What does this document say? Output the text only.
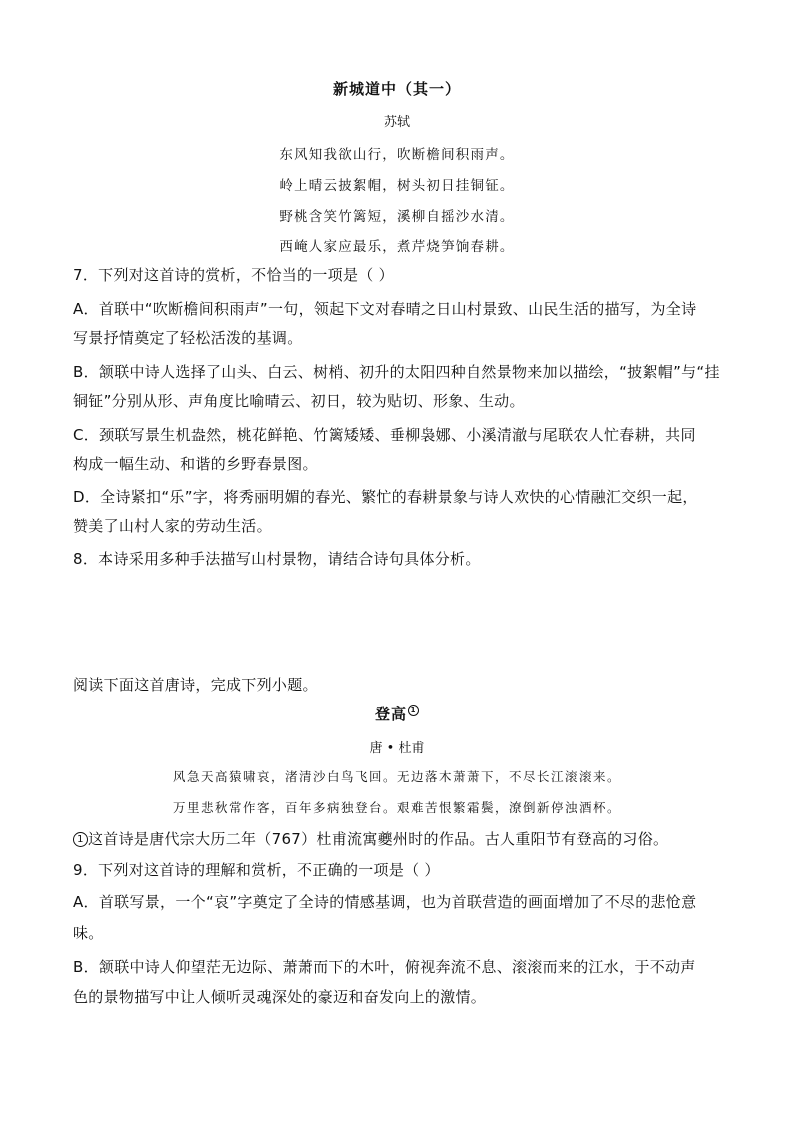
新城道中（其一）
苏轼
东风知我欲山行，吹断檐间积雨声。
岭上晴云披絮帽，树头初日挂铜钲。
野桃含笑竹篱短，溪柳自摇沙水清。
西崦人家应最乐，煮芹烧笋饷春耕。
7．下列对这首诗的赏析，不恰当的一项是（ ）
A．首联中“吹断檐间积雨声”一句，领起下文对春晴之日山村景致、山民生活的描写，为全诗
写景抒情奠定了轻松活泼的基调。
B．颔联中诗人选择了山头、白云、树梢、初升的太阳四种自然景物来加以描绘，“披絮帽”与“挂
铜钲”分别从形、声角度比喻晴云、初日，较为贴切、形象、生动。
C．颈联写景生机盎然，桃花鲜艳、竹篱矮矮、垂柳袅娜、小溪清澈与尾联农人忙春耕，共同
构成一幅生动、和谐的乡野春景图。
D．全诗紧扣“乐”字，将秀丽明媚的春光、繁忙的春耕景象与诗人欢快的心情融汇交织一起，
赞美了山村人家的劳动生活。
8．本诗采用多种手法描写山村景物，请结合诗句具体分析。
阅读下面这首唐诗，完成下列小题。
登高 1
唐 • 杜甫
风急天高猿啸哀，渚清沙白鸟飞回。无边落木萧萧下，不尽长江滚滚来。
万里悲秋常作客，百年多病独登台。艰难苦恨繁霜鬓，潦倒新停浊酒杯。
1 这首诗是唐代宗大历二年（767）杜甫流寓夔州时的作品。古人重阳节有登高的习俗。
9．下列对这首诗的理解和赏析，不正确的一项是（ ）
A．首联写景，一个“哀”字奠定了全诗的情感基调，也为首联营造的画面增加了不尽的悲怆意
味。
B．颔联中诗人仰望茫无边际、萧萧而下的木叶，俯视奔流不息、滚滚而来的江水，于不动声
色的景物描写中让人倾听灵魂深处的豪迈和奋发向上的激情。
